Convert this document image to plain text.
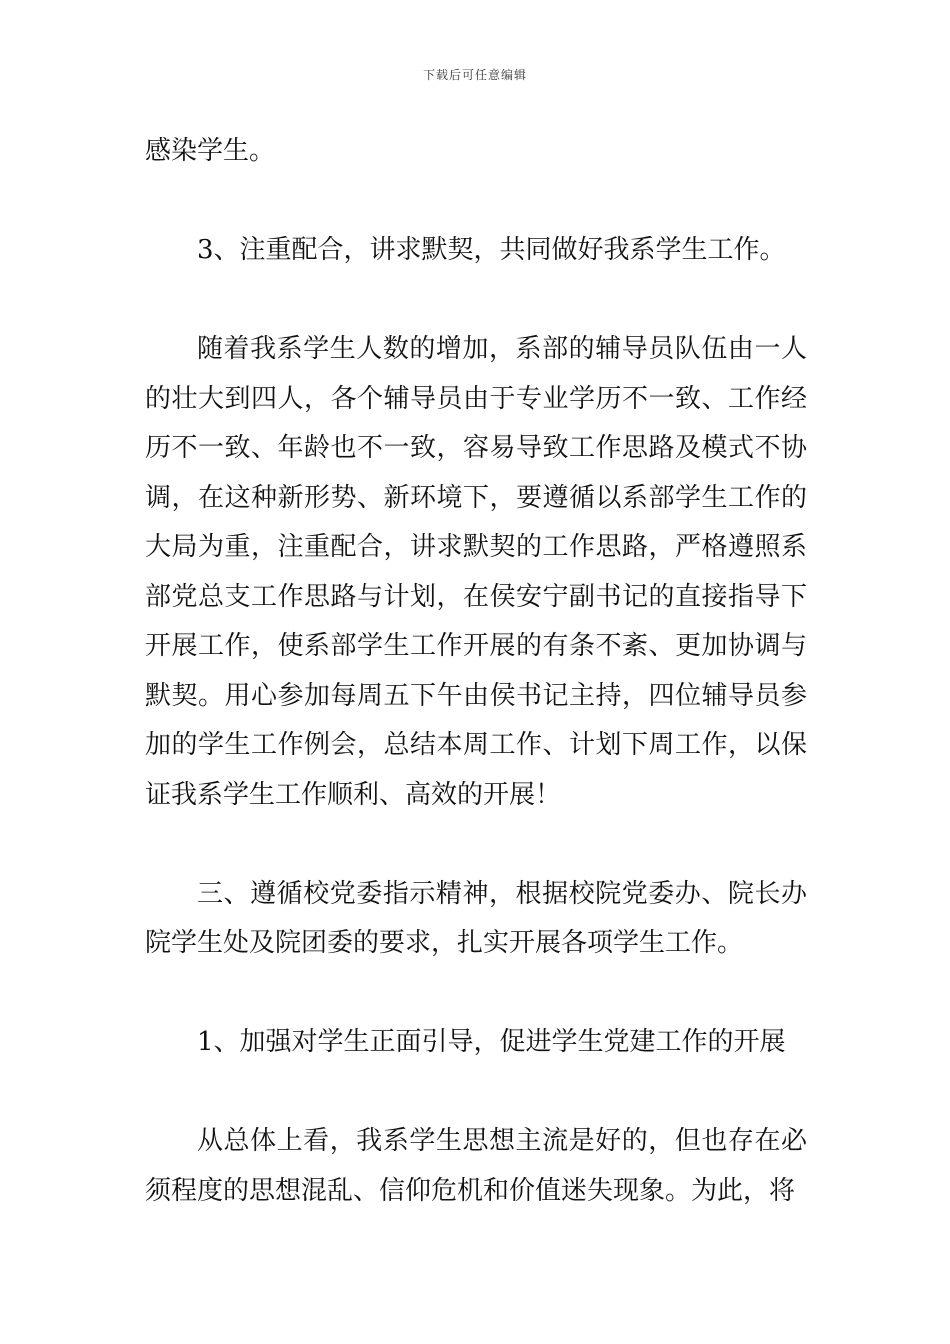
下载后可任意编辑

感染学生。

3、注重配合，讲求默契，共同做好我系学生工作。

随着我系学生人数的增加，系部的辅导员队伍由一人的壮大到四人，各个辅导员由于专业学历不一致、工作经历不一致、年龄也不一致，容易导致工作思路及模式不协调，在这种新形势、新环境下，要遵循以系部学生工作的大局为重，注重配合，讲求默契的工作思路，严格遵照系部党总支工作思路与计划，在侯安宁副书记的直接指导下开展工作，使系部学生工作开展的有条不紊、更加协调与默契。用心参加每周五下午由侯书记主持，四位辅导员参加的学生工作例会，总结本周工作、计划下周工作，以保证我系学生工作顺利、高效的开展！

三、遵循校党委指示精神，根据校院党委办、院长办院学生处及院团委的要求，扎实开展各项学生工作。

1、加强对学生正面引导，促进学生党建工作的开展

从总体上看，我系学生思想主流是好的，但也存在必须程度的思想混乱、信仰危机和价值迷失现象。为此，将
